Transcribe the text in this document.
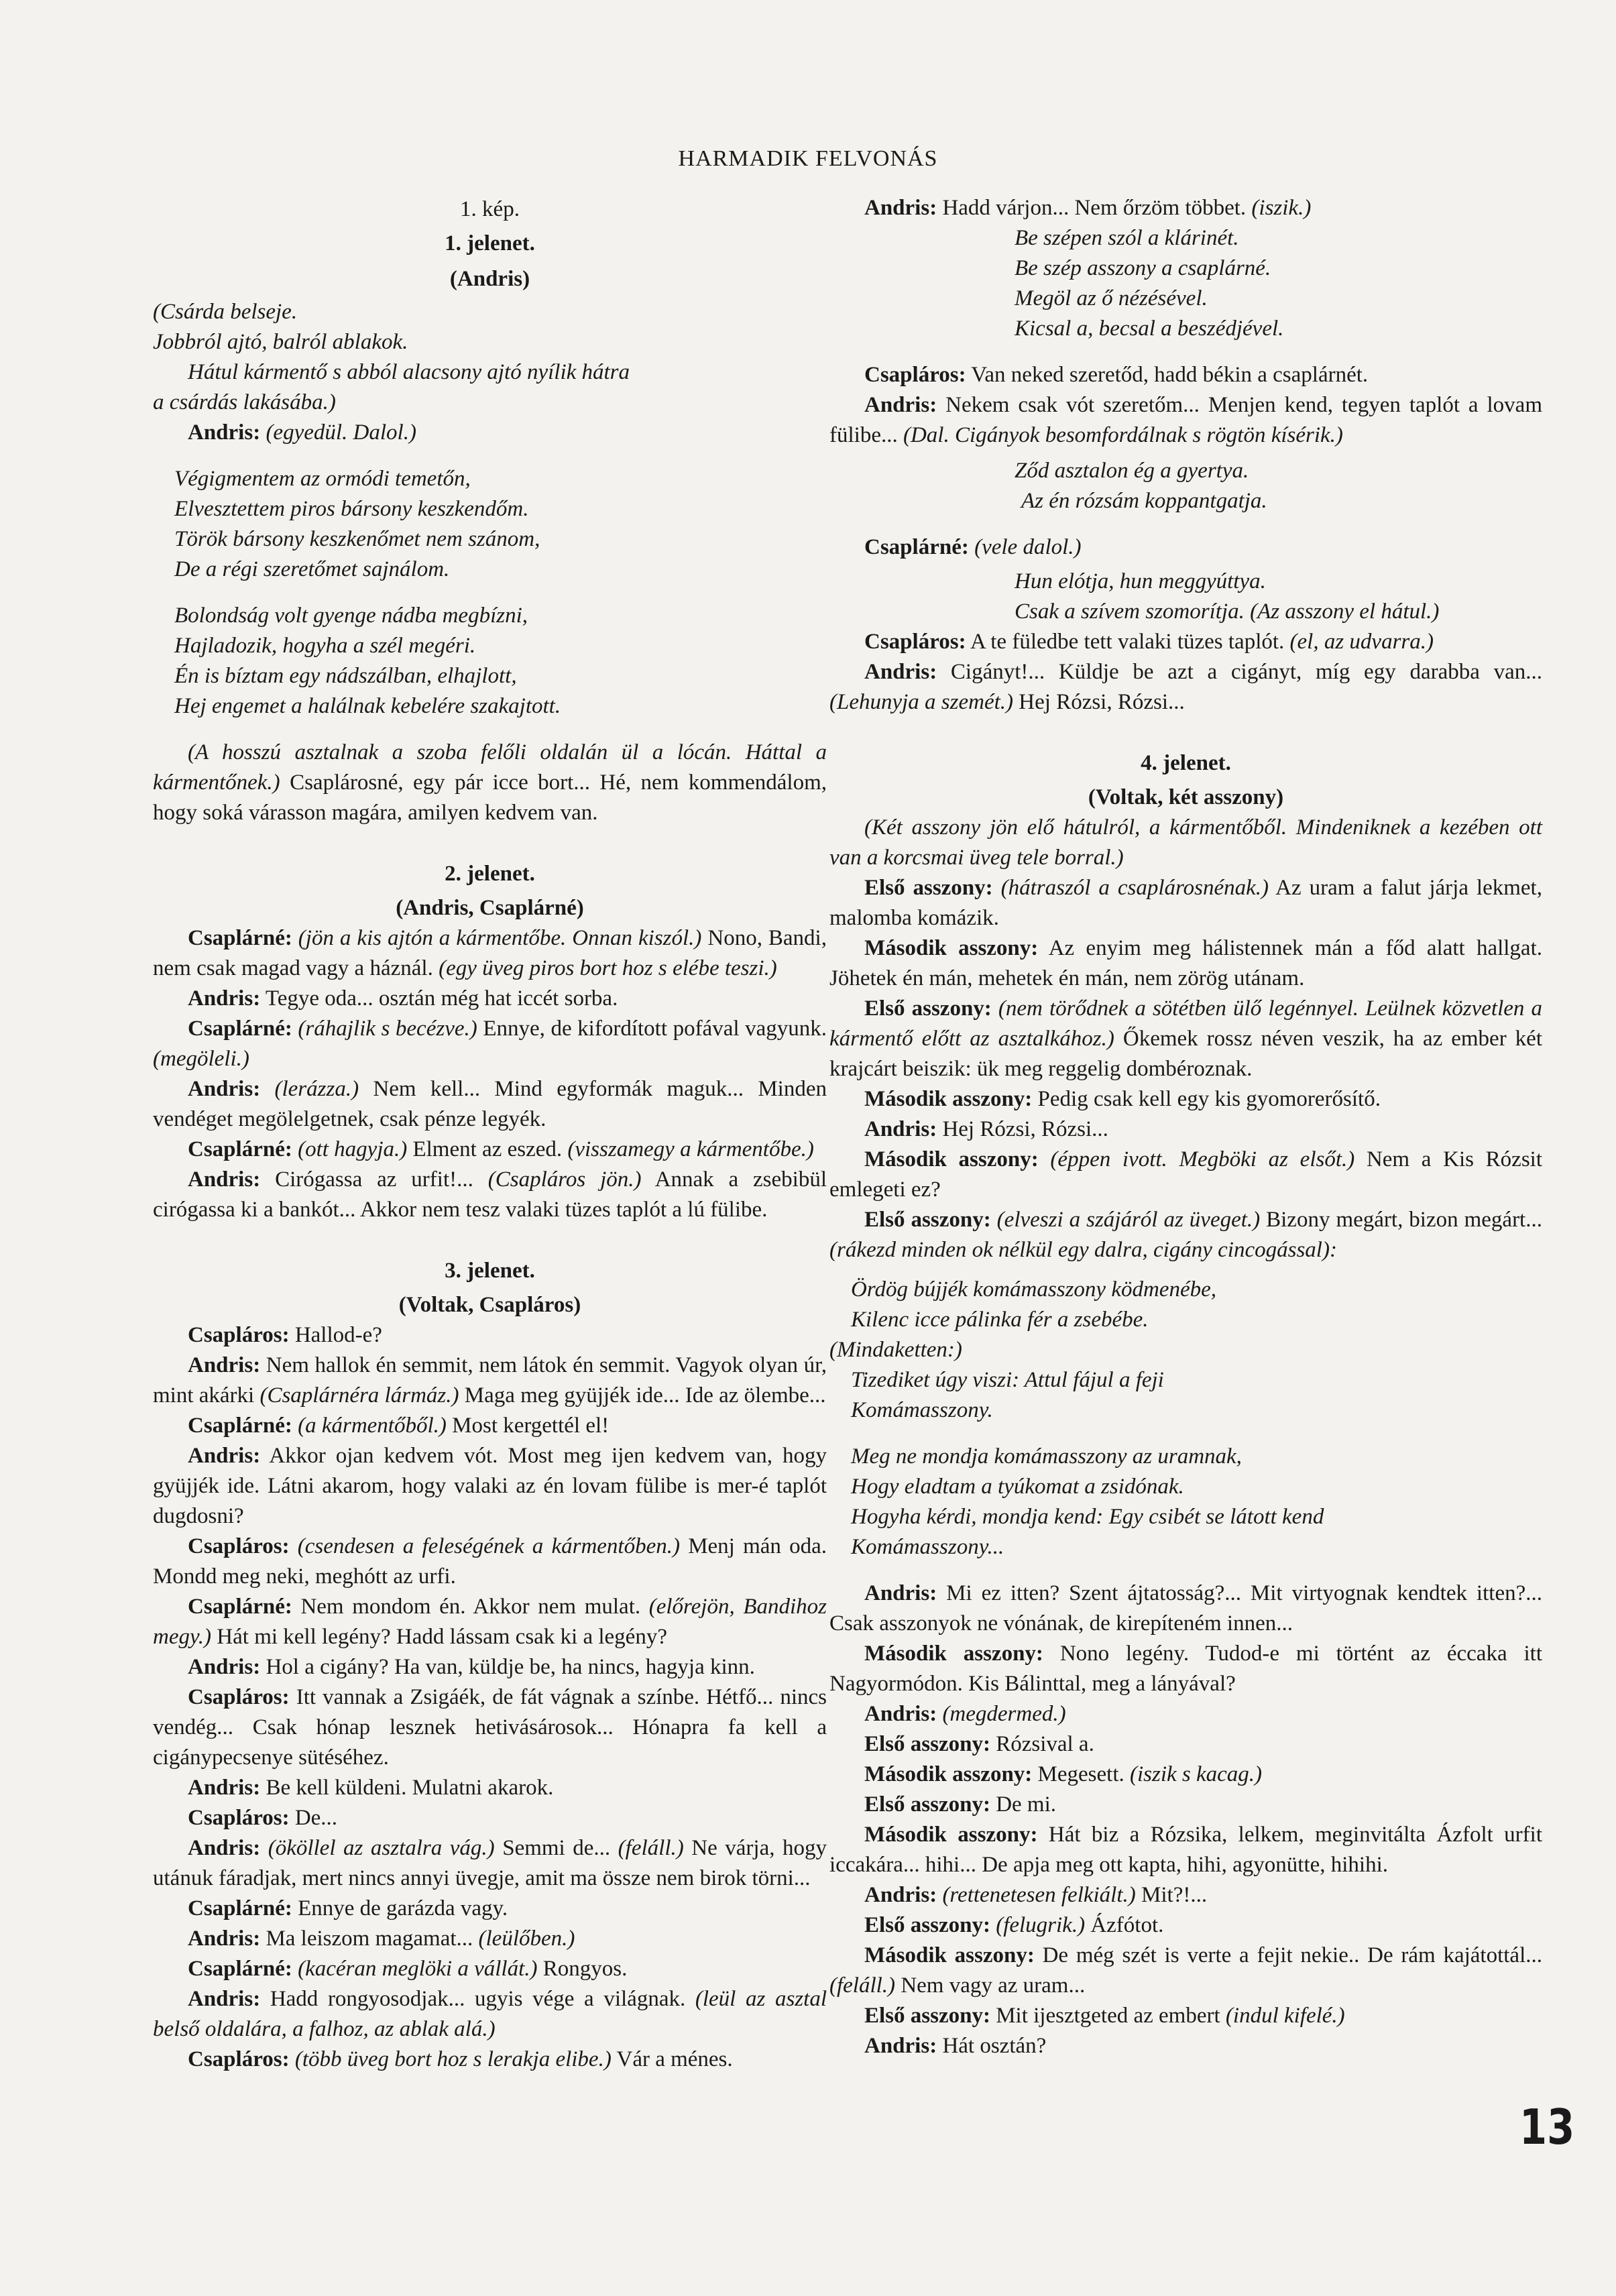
HARMADIK FELVONÁS
1. kép.
1. jelenet.
(Andris)
(Csárda belseje.
Jobbról ajtó, balról ablakok.
Hátul kármentő s abból alacsony ajtó nyílik hátra
a csárdás lakásába.)

Andris: (egyedül. Dalol.)

Végigmentem az ormódi temetőn,
Elvesztettem piros bársony keszkendőm.
Török bársony keszkenőmet nem szánom,
De a régi szeretőmet sajnálom.
Bolondság volt gyenge nádba megbízni,
Hajladozik, hogyha a szél megéri.
Én is bíztam egy nádszálban, elhajlott,
Hej engemet a halálnak kebelére szakajtott.

(A hosszú asztalnak a szoba felőli oldalán ül a lócán. Háttal a kármentőnek.) Csaplárosné, egy pár icce bort... Hé, nem kommendálom, hogy soká várasson magára, amilyen kedvem van.

2. jelenet.
(Andris, Csaplárné)

Csaplárné: (jön a kis ajtón a kármentőbe. Onnan kiszól.) Nono, Bandi, nem csak magad vagy a háznál. (egy üveg piros bort hoz s elébe teszi.)

Andris: Tegye oda... osztán még hat iccét sorba.

Csaplárné: (ráhajlik s becézve.) Ennye, de kifordított pofával vagyunk. (megöleli.)

Andris: (lerázza.) Nem kell... Mind egyformák maguk... Minden vendéget megölelgetnek, csak pénze legyék.

Csaplárné: (ott hagyja.) Elment az eszed. (visszamegy a kármentőbe.)

Andris: Cirógassa az urfit!... (Csapláros jön.) Annak a zsebibül cirógassa ki a bankót... Akkor nem tesz valaki tüzes taplót a lú fülibe.

3. jelenet.
(Voltak, Csapláros)

Csapláros: Hallod-e?

Andris: Nem hallok én semmit, nem látok én semmit. Vagyok olyan úr, mint akárki (Csaplárnéra lármáz.) Maga meg gyüjjék ide... Ide az ölembe...

Csaplárné: (a kármentőből.) Most kergettél el!

Andris: Akkor ojan kedvem vót. Most meg ijen kedvem van, hogy gyüjjék ide. Látni akarom, hogy valaki az én lovam fülibe is mer-é taplót dugdosni?

Csapláros: (csendesen a feleségének a kármentőben.) Menj mán oda. Mondd meg neki, meghótt az urfi.

Csaplárné: Nem mondom én. Akkor nem mulat. (előrejön, Bandihoz megy.) Hát mi kell legény? Hadd lássam csak ki a legény?

Andris: Hol a cigány? Ha van, küldje be, ha nincs, hagyja kinn.

Csapláros: Itt vannak a Zsigáék, de fát vágnak a színbe. Hétfő... nincs vendég... Csak hónap lesznek hetivásárosok... Hónapra fa kell a cigánypecsenye sütéséhez.

Andris: Be kell küldeni. Mulatni akarok.

Csapláros: De...

Andris: (ököllel az asztalra vág.) Semmi de... (feláll.) Ne várja, hogy utánuk fáradjak, mert nincs annyi üvegje, amit ma össze nem birok törni...

Csaplárné: Ennye de garázda vagy.

Andris: Ma leiszom magamat... (leülőben.)

Csaplárné: (kacéran meglöki a vállát.) Rongyos.

Andris: Hadd rongyosodjak... ugyis vége a világnak. (leül az asztal belső oldalára, a falhoz, az ablak alá.)

Csapláros: (több üveg bort hoz s lerakja elibe.) Vár a ménes.

Andris: Hadd várjon... Nem őrzöm többet. (iszik.)

Be szépen szól a klárinét.
Be szép asszony a csaplárné.
Megöl az ő nézésével.
Kicsal a, becsal a beszédjével.

Csapláros: Van neked szeretőd, hadd békin a csaplárnét.

Andris: Nekem csak vót szeretőm... Menjen kend, tegyen taplót a lovam fülibe... (Dal. Cigányok besomfordálnak s rögtön kísérik.)

Ződ asztalon ég a gyertya.
Az én rózsám koppantgatja.

Csaplárné: (vele dalol.)

Hun elótja, hun meggyúttya.
Csak a szívem szomorítja. (Az asszony el hátul.)

Csapláros: A te füledbe tett valaki tüzes taplót. (el, az udvarra.)

Andris: Cigányt!... Küldje be azt a cigányt, míg egy darabba van... (Lehunyja a szemét.) Hej Rózsi, Rózsi...

4. jelenet.
(Voltak, két asszony)

(Két asszony jön elő hátulról, a kármentőből. Mindeniknek a kezében ott van a korcsmai üveg tele borral.)

Első asszony: (hátraszól a csaplárosnénak.) Az uram a falut járja lekmet, malomba komázik.

Második asszony: Az enyim meg hálistennek mán a főd alatt hallgat. Jöhetek én mán, mehetek én mán, nem zörög utánam.

Első asszony: (nem törődnek a sötétben ülő legénnyel. Leülnek közvetlen a kármentő előtt az asztalkához.) Őkemek rossz néven veszik, ha az ember két krajcárt beiszik: ük meg reggelig dombéroznak.

Második asszony: Pedig csak kell egy kis gyomorerősítő.

Andris: Hej Rózsi, Rózsi...

Második asszony: (éppen ivott. Megböki az elsőt.) Nem a Kis Rózsit emlegeti ez?

Első asszony: (elveszi a szájáról az üveget.) Bizony megárt, bizon megárt... (rákezd minden ok nélkül egy dalra, cigány cincogással):

Ördög bújjék komámasszony ködmenébe,
Kilenc icce pálinka fér a zsebébe.
(Mindaketten:)
Tizediket úgy viszi: Attul fájul a feji
Komámasszony.
Meg ne mondja komámasszony az uramnak,
Hogy eladtam a tyúkomat a zsidónak.
Hogyha kérdi, mondja kend: Egy csibét se látott kend
Komámasszony...

Andris: Mi ez itten? Szent ájtatosság?... Mit virtyognak kendtek itten?... Csak asszonyok ne vónának, de kirepíteném innen...

Második asszony: Nono legény. Tudod-e mi történt az éccaka itt Nagyormódon. Kis Bálinttal, meg a lányával?

Andris: (megdermed.)

Első asszony: Rózsival a.

Második asszony: Megesett. (iszik s kacag.)

Első asszony: De mi.

Második asszony: Hát biz a Rózsika, lelkem, meginvitálta Ázfolt urfit iccakára... hihi... De apja meg ott kapta, hihi, agyonütte, hihihi.

Andris: (rettenetesen felkiált.) Mit?!...

Első asszony: (felugrik.) Ázfótot.

Második asszony: De még szét is verte a fejit nekie.. De rám kajátottál... (feláll.) Nem vagy az uram...

Első asszony: Mit ijesztgeted az embert (indul kifelé.)

Andris: Hát osztán?

13
